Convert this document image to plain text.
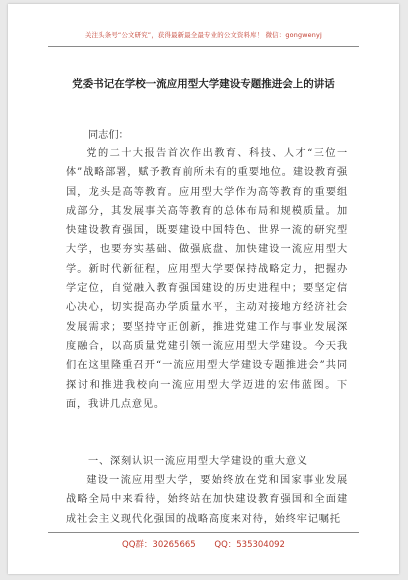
关注头条号“公文研究”，获得最新最全最专业的公文资料库！ 微信：gongwenyj
党委书记在学校一流应用型大学建设专题推进会上的讲话
同志们：

党的二十大报告首次作出教育、科技、人才“三位一体”战略部署，赋予教育前所未有的重要地位。建设教育强国，龙头是高等教育。应用型大学作为高等教育的重要组成部分，其发展事关高等教育的总体布局和规模质量。加快建设教育强国，既要建设中国特色、世界一流的研究型大学，也要夯实基础、做强底盘、加快建设一流应用型大学。新时代新征程，应用型大学要保持战略定力，把握办学定位，自觉融入教育强国建设的历史进程中；要坚定信心决心，切实提高办学质量水平，主动对接地方经济社会发展需求；要坚持守正创新，推进党建工作与事业发展深度融合，以高质量党建引领一流应用型大学建设。今天我们在这里隆重召开“一流应用型大学建设专题推进会”共同探讨和推进我校向一流应用型大学迈进的宏伟蓝图。下面，我讲几点意见。

一、深刻认识一流应用型大学建设的重大意义

建设一流应用型大学，要始终放在党和国家事业发展战略全局中来看待，始终站在加快建设教育强国和全面建成社会主义现代化强国的战略高度来对待，始终牢记嘱托

QQ群：30265665 QQ：535304092
